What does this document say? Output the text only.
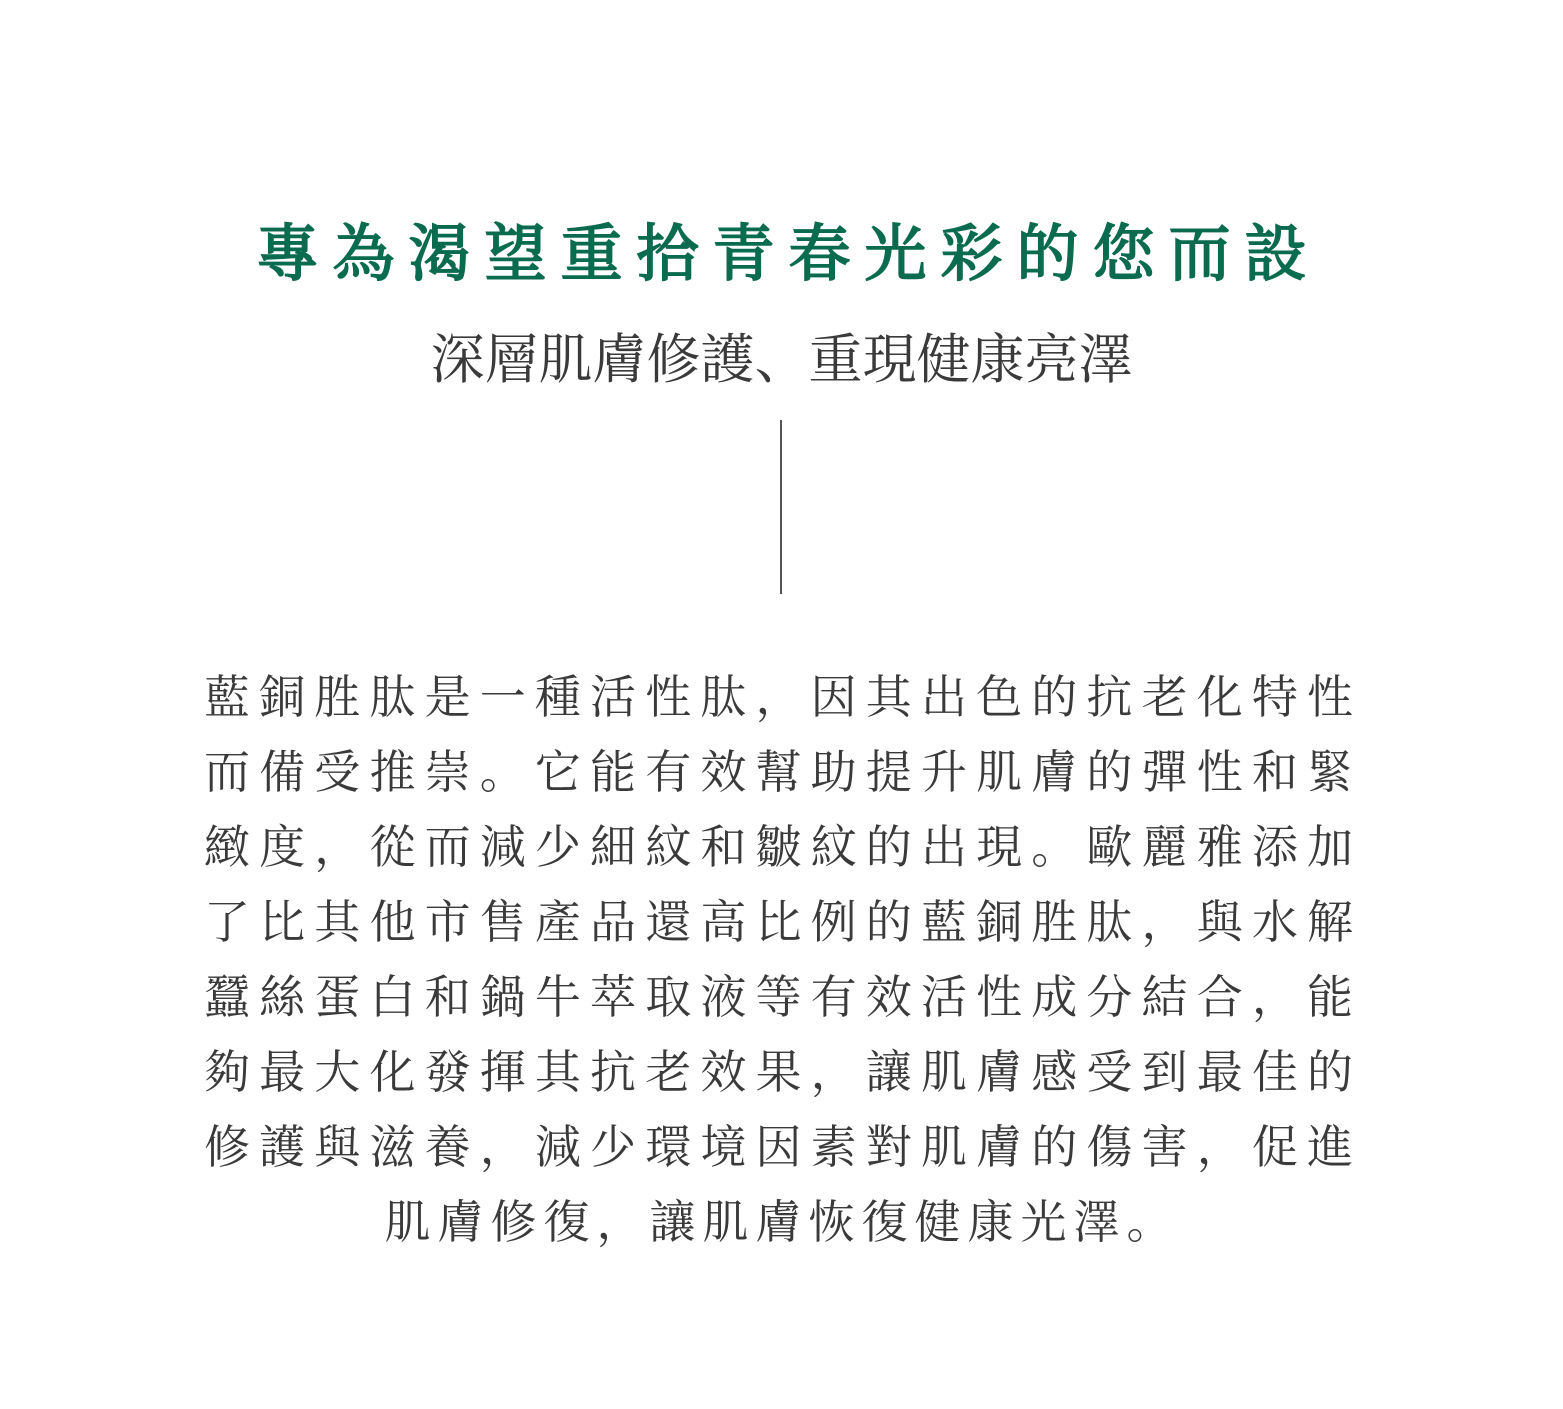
專為渴望重拾青春光彩的您而設
深層肌膚修護、重現健康亮澤
藍銅胜肽是一種活性肽，因其出色的抗老化特性
而備受推崇。它能有效幫助提升肌膚的彈性和緊
緻度，從而減少細紋和皺紋的出現。歐麗雅添加
了比其他市售產品還高比例的藍銅胜肽，與水解
蠶絲蛋白和鍋牛萃取液等有效活性成分結合，能
夠最大化發揮其抗老效果，讓肌膚感受到最佳的
修護與滋養，減少環境因素對肌膚的傷害，促進
肌膚修復，讓肌膚恢復健康光澤。
